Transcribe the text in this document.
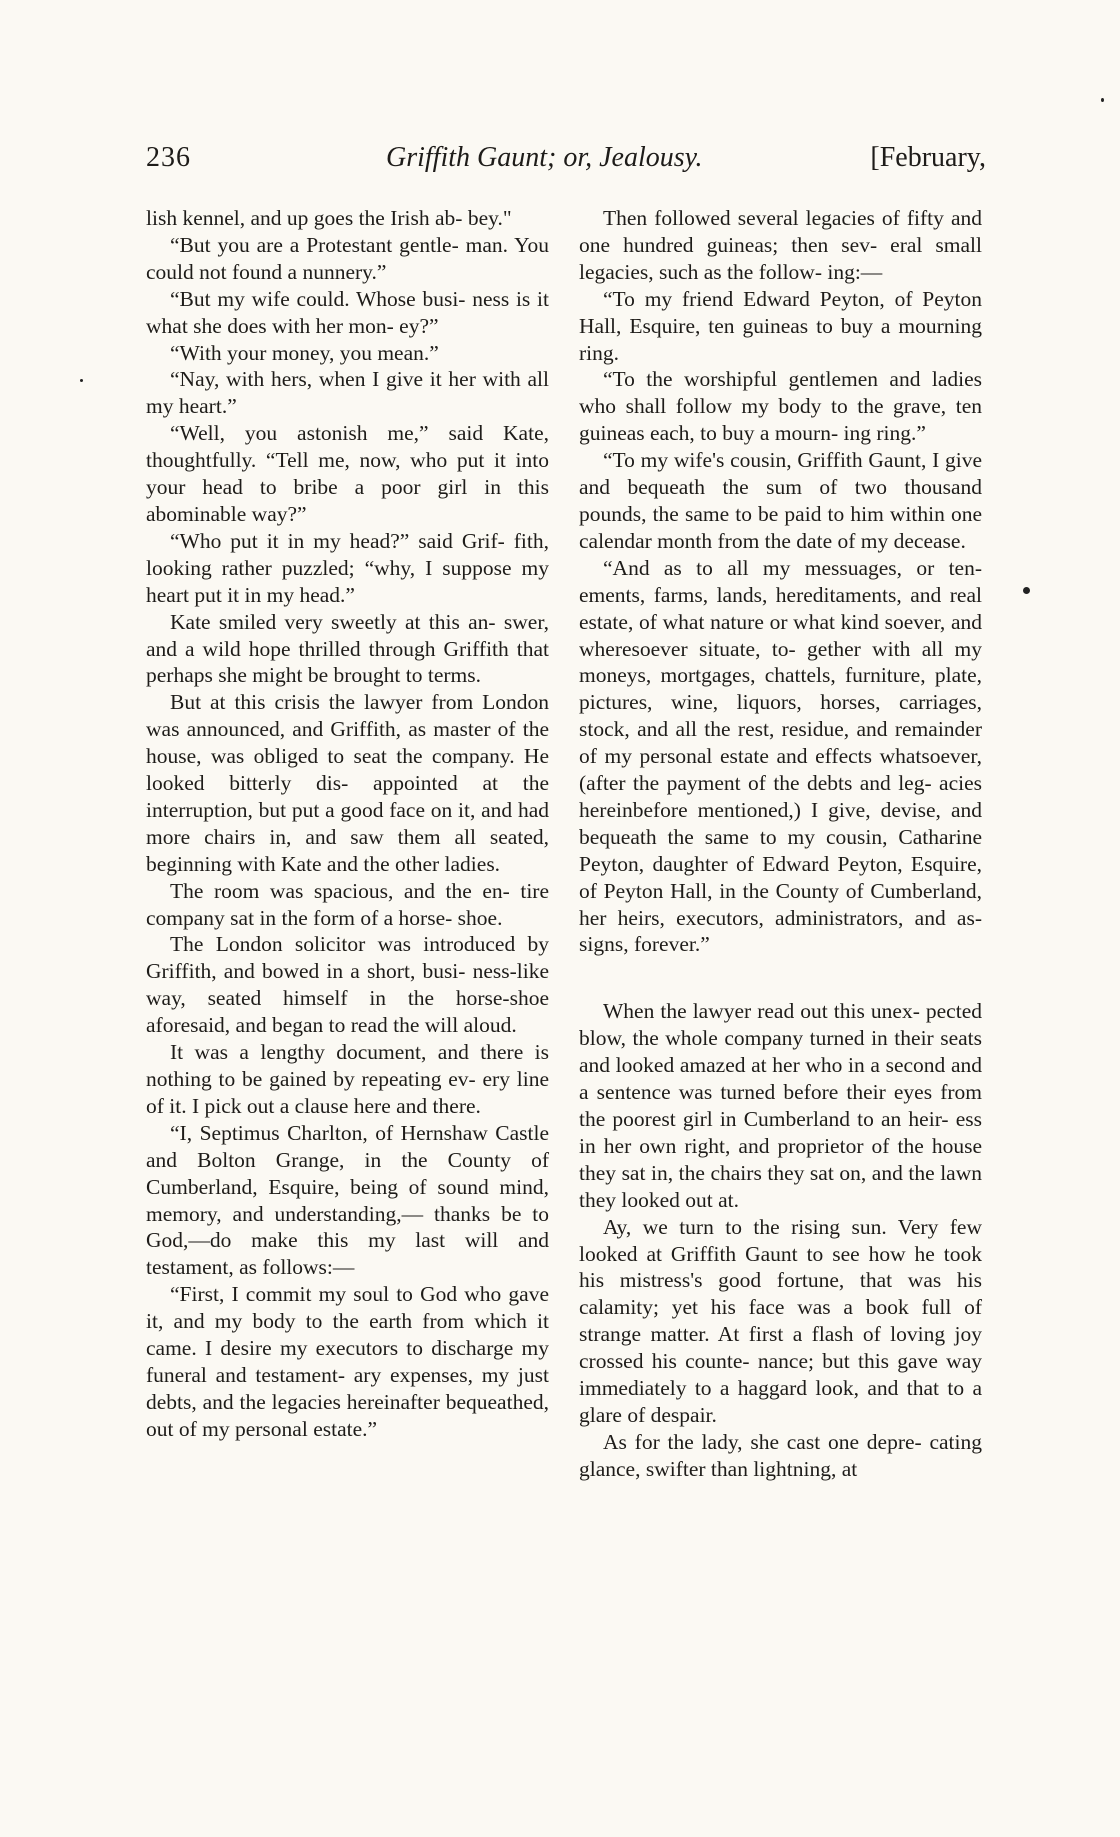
236	Griffith Gaunt; or, Jealousy.	[February,

lish kennel, and up goes the Irish ab- bey."

“But you are a Protestant gentle- man. You could not found a nunnery.”

“But my wife could. Whose busi- ness is it what she does with her mon- ey?”

“With your money, you mean.”

“Nay, with hers, when I give it her with all my heart.”

“Well, you astonish me,” said Kate, thoughtfully. “Tell me, now, who put it into your head to bribe a poor girl in this abominable way?”

“Who put it in my head?” said Grif- fith, looking rather puzzled; “why, I suppose my heart put it in my head.”

Kate smiled very sweetly at this an- swer, and a wild hope thrilled through Griffith that perhaps she might be brought to terms.

But at this crisis the lawyer from London was announced, and Griffith, as master of the house, was obliged to seat the company. He looked bitterly dis- appointed at the interruption, but put a good face on it, and had more chairs in, and saw them all seated, beginning with Kate and the other ladies.

The room was spacious, and the en- tire company sat in the form of a horse- shoe.

The London solicitor was introduced by Griffith, and bowed in a short, busi- ness-like way, seated himself in the horse-shoe aforesaid, and began to read the will aloud.

It was a lengthy document, and there is nothing to be gained by repeating ev- ery line of it. I pick out a clause here and there.

“I, Septimus Charlton, of Hernshaw Castle and Bolton Grange, in the County of Cumberland, Esquire, being of sound mind, memory, and understanding,— thanks be to God,—do make this my last will and testament, as follows:—

“First, I commit my soul to God who gave it, and my body to the earth from which it came. I desire my executors to discharge my funeral and testament- ary expenses, my just debts, and the legacies hereinafter bequeathed, out of my personal estate.”

Then followed several legacies of fifty and one hundred guineas; then sev- eral small legacies, such as the follow- ing:—

“To my friend Edward Peyton, of Peyton Hall, Esquire, ten guineas to buy a mourning ring.

“To the worshipful gentlemen and ladies who shall follow my body to the grave, ten guineas each, to buy a mourn- ing ring.”

“To my wife's cousin, Griffith Gaunt, I give and bequeath the sum of two thousand pounds, the same to be paid to him within one calendar month from the date of my decease.

“And as to all my messuages, or ten- ements, farms, lands, hereditaments, and real estate, of what nature or what kind soever, and wheresoever situate, to- gether with all my moneys, mortgages, chattels, furniture, plate, pictures, wine, liquors, horses, carriages, stock, and all the rest, residue, and remainder of my personal estate and effects whatsoever, (after the payment of the debts and leg- acies hereinbefore mentioned,) I give, devise, and bequeath the same to my cousin, Catharine Peyton, daughter of Edward Peyton, Esquire, of Peyton Hall, in the County of Cumberland, her heirs, executors, administrators, and as- signs, forever.”

When the lawyer read out this unex- pected blow, the whole company turned in their seats and looked amazed at her who in a second and a sentence was turned before their eyes from the poorest girl in Cumberland to an heir- ess in her own right, and proprietor of the house they sat in, the chairs they sat on, and the lawn they looked out at.

Ay, we turn to the rising sun. Very few looked at Griffith Gaunt to see how he took his mistress's good fortune, that was his calamity; yet his face was a book full of strange matter. At first a flash of loving joy crossed his counte- nance; but this gave way immediately to a haggard look, and that to a glare of despair.

As for the lady, she cast one depre- cating glance, swifter than lightning, at
